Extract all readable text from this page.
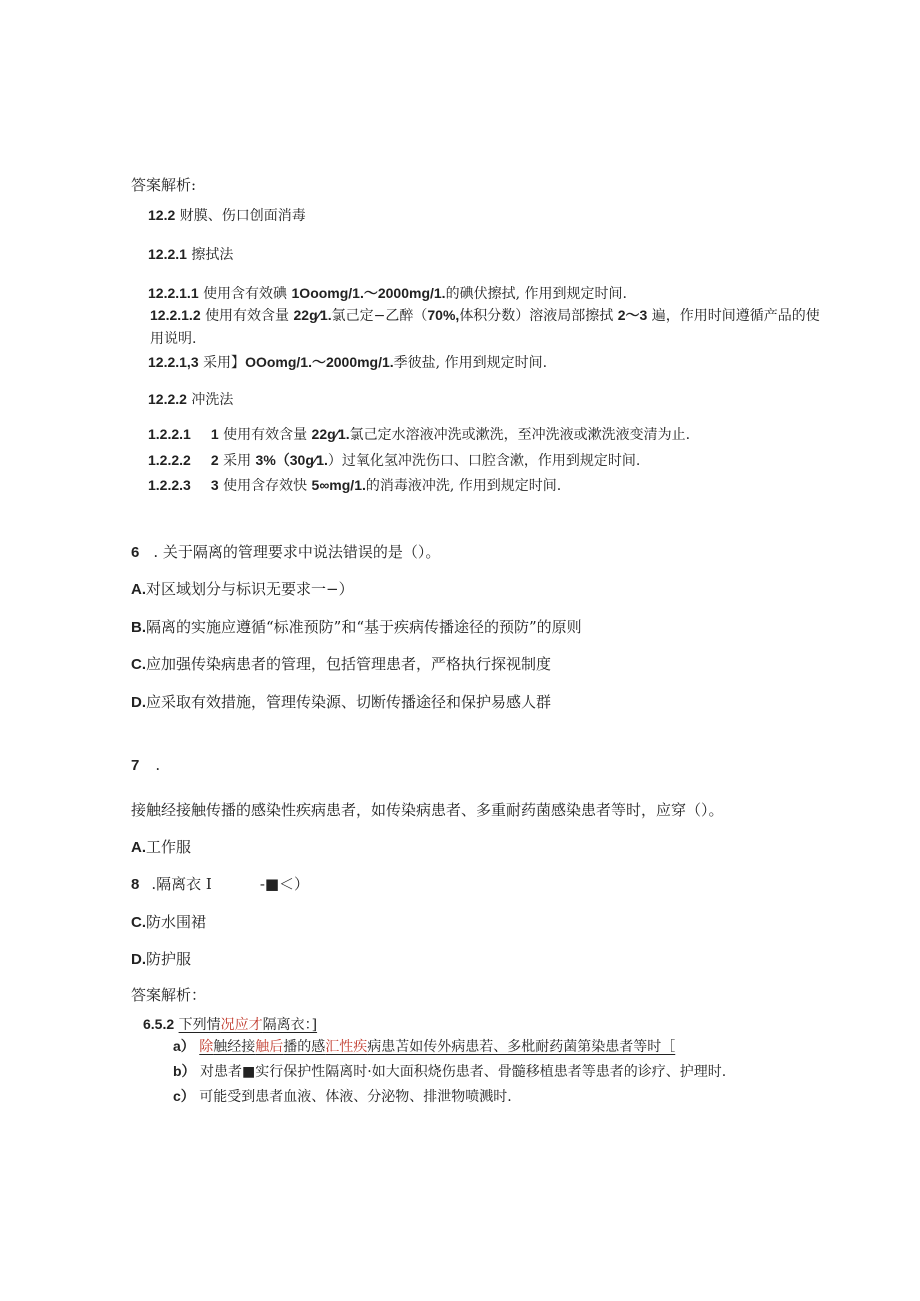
答案解析:
12.2 财膜、伤口创面消毒
12.2.1 擦拭法
12.2.1.1 使用含有效碘 1Ooomg/1.～2000mg/1.的碘伏擦拭, 作用到规定时间.
12.2.1.2 使用有效含量 22g⁄1.氯己定−乙醉（70%,体积分数）溶液局部擦拭 2～3 遍，作用时间遵循产品的使
用说明.
12.2.1,3 采用】OOomg/1.～2000mg/1.季彼盐, 作用到规定时间.
12.2.2 冲洗法
1.2.2.1 1 使用有效含量 22g⁄1.氯己定水溶液冲洗或漱洗，至冲洗液或漱洗液变清为止.
1.2.2.2 2 采用 3%（30g⁄1.）过氧化氢冲洗伤口、口腔含漱，作用到规定时间.
1.2.2.3 3 使用含存效快 5∞mg/1.的消毒液冲洗, 作用到规定时间.
6 . 关于隔离的管理要求中说法错误的是（）。
A.对区域划分与标识无要求一−）
B.隔离的实施应遵循“标准预防”和“基于疾病传播途径的预防”的原则
C.应加强传染病患者的管理，包括管理患者，严格执行探视制度
D.应采取有效措施，管理传染源、切断传播途径和保护易感人群
7 .
接触经接触传播的感染性疾病患者，如传染病患者、多重耐药菌感染患者等时，应穿（）。
A.工作服
8 .隔离衣 I	-■＜）
C.防水围裙
D.防护服
答案解析：
6.5.2 下列情况应才隔离衣：]
a） 除触经接触后播的感汇性疾病患苫如传外病患若、多枇耐药菌第染患者等时［
b） 对患者■实行保护性隔离时·如大面积烧伤患者、骨髓移植患者等患者的诊疗、护理时.
c） 可能受到患者血液、体液、分泌物、排泄物喷溅时.
